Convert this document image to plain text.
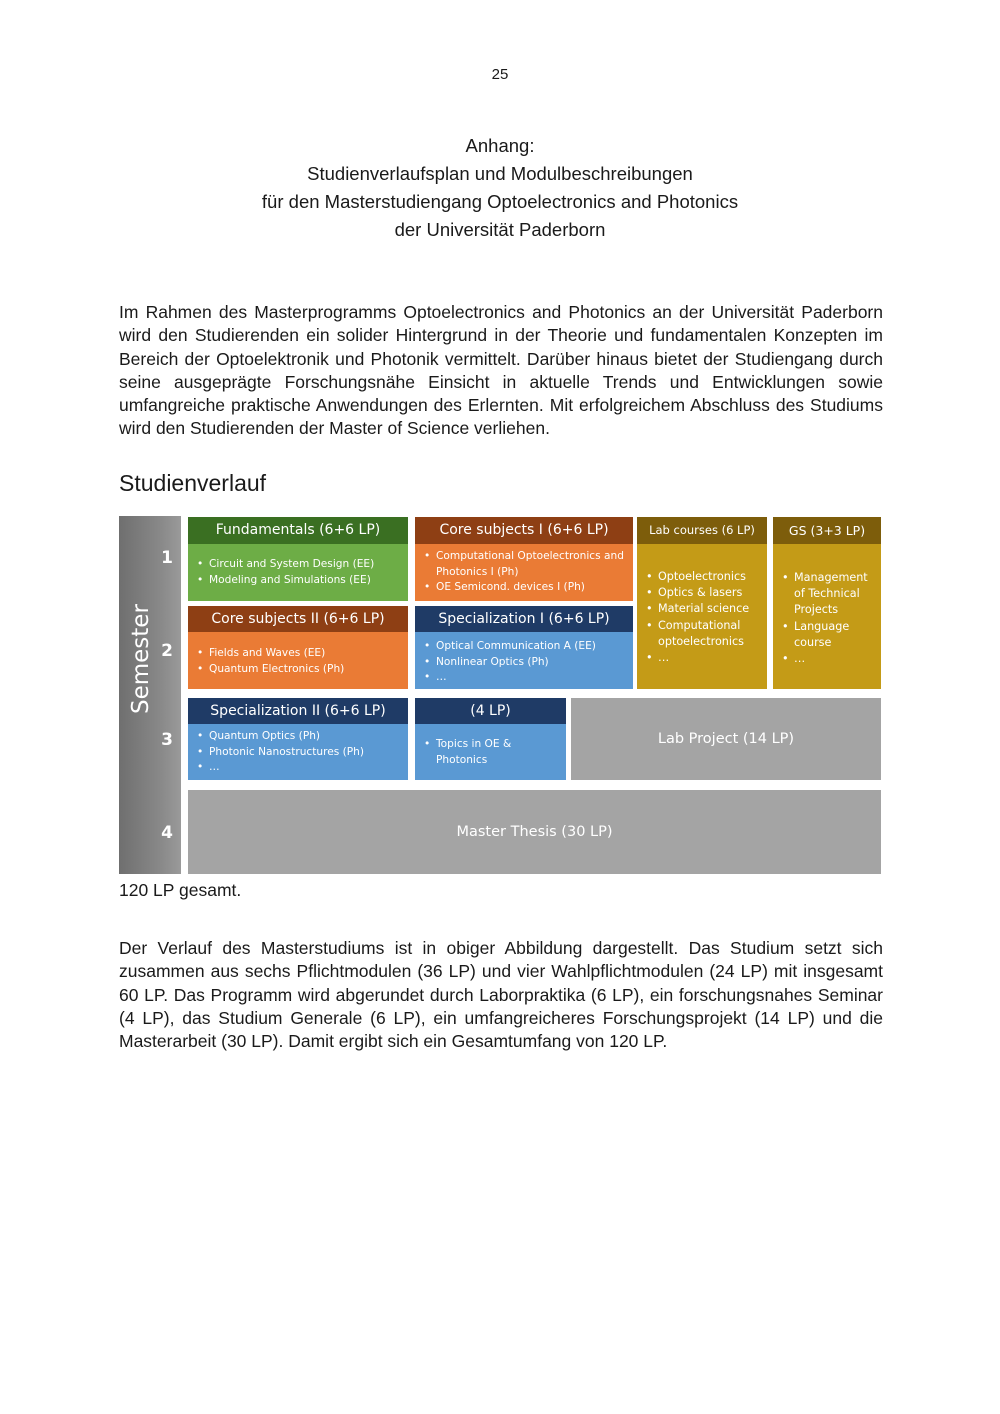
25
Anhang:
Studienverlaufsplan und Modulbeschreibungen
für den Masterstudiengang Optoelectronics and Photonics
der Universität Paderborn

Im Rahmen des Masterprogramms Optoelectronics and Photonics an der Universität Paderborn wird den Studierenden ein solider Hintergrund in der Theorie und fundamentalen Konzepten im Bereich der Optoelektronik und Photonik vermittelt. Darüber hinaus bietet der Studiengang durch seine ausgeprägte Forschungsnähe Einsicht in aktuelle Trends und Entwicklungen sowie umfangreiche praktische Anwendungen des Erlernten. Mit erfolgreichem Abschluss des Studiums wird den Studierenden der Master of Science verliehen.

Studienverlauf
Semester
1
2
3
4
Fundamentals (6+6 LP)
• Circuit and System Design (EE)
• Modeling and Simulations (EE)
Core subjects I (6+6 LP)
• Computational Optoelectronics and Photonics I (Ph)
• OE Semicond. devices I (Ph)
Lab courses (6 LP)
• Optoelectronics
• Optics & lasers
• Material science
• Computational optoelectronics
• …
GS (3+3 LP)
• Management of Technical Projects
• Language course
• …
Core subjects II (6+6 LP)
• Fields and Waves (EE)
• Quantum Electronics (Ph)
Specialization I (6+6 LP)
• Optical Communication A (EE)
• Nonlinear Optics (Ph)
• …
Specialization II (6+6 LP)
• Quantum Optics (Ph)
• Photonic Nanostructures (Ph)
• …
(4 LP)
• Topics in OE & Photonics
Lab Project (14 LP)
Master Thesis (30 LP)
120 LP gesamt.

Der Verlauf des Masterstudiums ist in obiger Abbildung dargestellt. Das Studium setzt sich zusammen aus sechs Pflichtmodulen (36 LP) und vier Wahlpflichtmodulen (24 LP) mit insgesamt 60 LP. Das Programm wird abgerundet durch Laborpraktika (6 LP), ein forschungsnahes Seminar (4 LP), das Studium Generale (6 LP), ein umfangreicheres Forschungsprojekt (14 LP) und die Masterarbeit (30 LP). Damit ergibt sich ein Gesamtumfang von 120 LP.
